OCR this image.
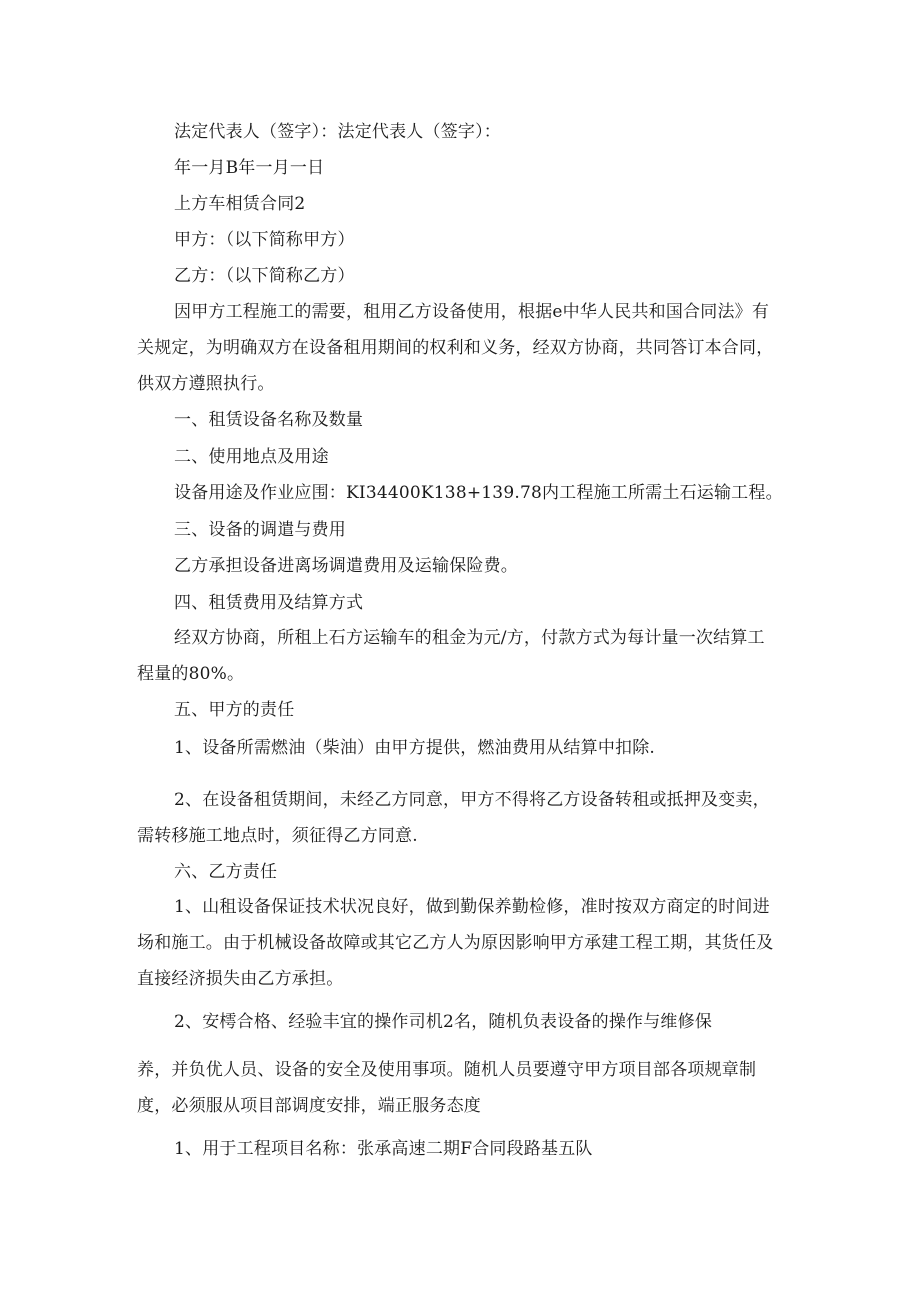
法定代表人（签字）：法定代表人（签字）：

年一月B年一月一日

上方车相赁合同2

甲方：（以下简称甲方）

乙方：（以下简称乙方）

因甲方工程施工的需要，租用乙方设备使用，根据e中华人民共和国合同法》有关规定，为明确双方在设备租用期间的权利和义务，经双方协商，共同答订本合同，供双方遵照执行。

一、租赁设备名称及数量

二、使用地点及用途

设备用途及作业应围：KI34400K138+139.78内工程施工所需土石运输工程。

三、设备的调遣与费用

乙方承担设备进离场调遣费用及运输保险费。

四、租赁费用及结算方式

经双方协商，所租上石方运输车的租金为元/方，付款方式为每计量一次结算工程量的80%。

五、甲方的责任

1、设备所需燃油（柴油）由甲方提供，燃油费用从结算中扣除.

2、在设备租赁期间，未经乙方同意，甲方不得将乙方设备转租或抵押及变卖，需转移施工地点时，须征得乙方同意.

六、乙方责任

1、山租设备保证技术状况良好，做到勤保养勤检修，准时按双方商定的时间进场和施工。由于机械设备故障或其它乙方人为原因影响甲方承建工程工期，其货任及直接经济损失由乙方承担。

2、安樗合格、经验丰宜的操作司机2名，随机负表设备的操作与维修保

养，并负优人员、设备的安全及使用事项。随机人员要遵守甲方项目部各项规章制

度，必须服从项目部调度安排，端正服务态度

1、用于工程项目名称：张承高速二期F合同段路基五队
